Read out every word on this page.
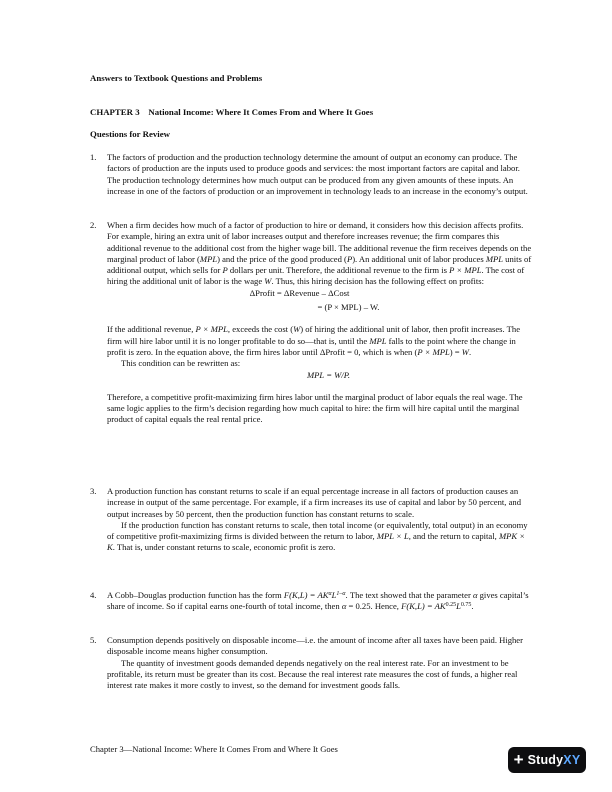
Answers to Textbook Questions and Problems

CHAPTER 3    National Income: Where It Comes From and Where It Goes

Questions for Review

1. The factors of production and the production technology determine the amount of output an economy can produce. The factors of production are the inputs used to produce goods and services: the most important factors are capital and labor. The production technology determines how much output can be produced from any given amounts of these inputs. An increase in one of the factors of production or an improvement in technology leads to an increase in the economy’s output.

2. When a firm decides how much of a factor of production to hire or demand, it considers how this decision affects profits. For example, hiring an extra unit of labor increases output and therefore increases revenue; the firm compares this additional revenue to the additional cost from the higher wage bill. The additional revenue the firm receives depends on the marginal product of labor (MPL) and the price of the good produced (P). An additional unit of labor produces MPL units of additional output, which sells for P dollars per unit. Therefore, the additional revenue to the firm is P × MPL. The cost of hiring the additional unit of labor is the wage W. Thus, this hiring decision has the following effect on profits:

ΔProfit = ΔRevenue – ΔCost

= (P × MPL) – W.

If the additional revenue, P × MPL, exceeds the cost (W) of hiring the additional unit of labor, then profit increases. The firm will hire labor until it is no longer profitable to do so—that is, until the MPL falls to the point where the change in profit is zero. In the equation above, the firm hires labor until ΔProfit = 0, which is when (P × MPL) = W.

This condition can be rewritten as:

MPL = W/P.

Therefore, a competitive profit-maximizing firm hires labor until the marginal product of labor equals the real wage. The same logic applies to the firm’s decision regarding how much capital to hire: the firm will hire capital until the marginal product of capital equals the real rental price.

3. A production function has constant returns to scale if an equal percentage increase in all factors of production causes an increase in output of the same percentage. For example, if a firm increases its use of capital and labor by 50 percent, and output increases by 50 percent, then the production function has constant returns to scale.

If the production function has constant returns to scale, then total income (or equivalently, total output) in an economy of competitive profit-maximizing firms is divided between the return to labor, MPL × L, and the return to capital, MPK × K. That is, under constant returns to scale, economic profit is zero.

4. A Cobb–Douglas production function has the form $F(K,L) = AK^\alpha L^{1-\alpha}$. The text showed that the parameter α gives capital’s share of income. So if capital earns one-fourth of total income, then α = 0.25. Hence, $F(K,L) = AK^{0.25}L^{0.75}$.

5. Consumption depends positively on disposable income—i.e. the amount of income after all taxes have been paid. Higher disposable income means higher consumption.

The quantity of investment goods demanded depends negatively on the real interest rate. For an investment to be profitable, its return must be greater than its cost. Because the real interest rate measures the cost of funds, a higher real interest rate makes it more costly to invest, so the demand for investment goods falls.

Chapter 3—National Income: Where It Comes From and Where It Goes
+ StudyXY
